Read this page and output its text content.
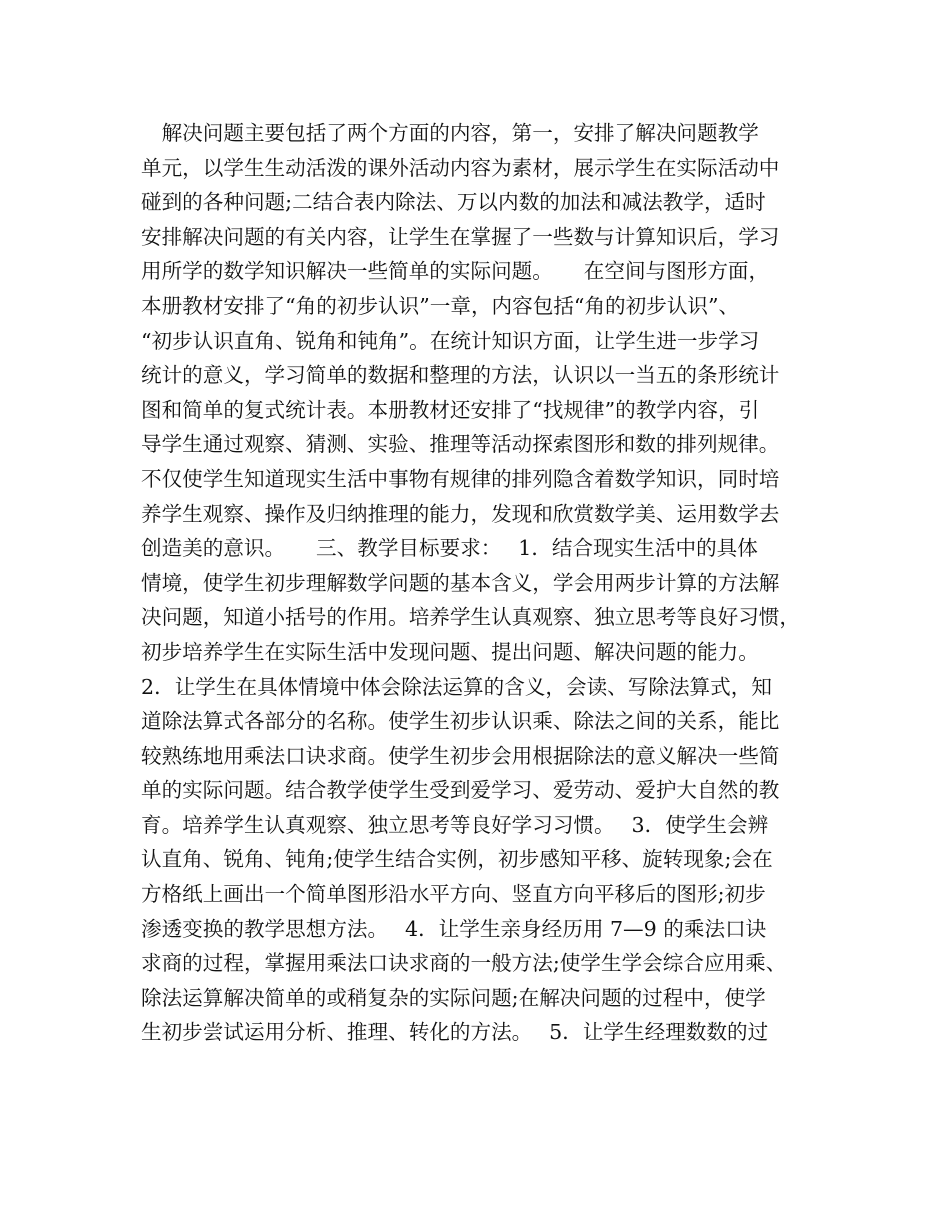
　解决问题主要包括了两个方面的内容，第一，安排了解决问题教学
单元，以学生生动活泼的课外活动内容为素材，展示学生在实际活动中
碰到的各种问题;二结合表内除法、万以内数的加法和减法教学，适时
安排解决问题的有关内容，让学生在掌握了一些数与计算知识后，学习
用所学的数学知识解决一些简单的实际问题。　　在空间与图形方面，
本册教材安排了“角的初步认识”一章，内容包括“角的初步认识”、
“初步认识直角、锐角和钝角”。在统计知识方面，让学生进一步学习
统计的意义，学习简单的数据和整理的方法，认识以一当五的条形统计
图和简单的复式统计表。本册教材还安排了“找规律”的教学内容，引
导学生通过观察、猜测、实验、推理等活动探索图形和数的排列规律。
不仅使学生知道现实生活中事物有规律的排列隐含着数学知识，同时培
养学生观察、操作及归纳推理的能力，发现和欣赏数学美、运用数学去
创造美的意识。　　三、教学目标要求：　 1．结合现实生活中的具体
情境，使学生初步理解数学问题的基本含义，学会用两步计算的方法解
决问题，知道小括号的作用。培养学生认真观察、独立思考等良好习惯，
初步培养学生在实际生活中发现问题、提出问题、解决问题的能力。
2．让学生在具体情境中体会除法运算的含义，会读、写除法算式，知
道除法算式各部分的名称。使学生初步认识乘、除法之间的关系，能比
较熟练地用乘法口诀求商。使学生初步会用根据除法的意义解决一些简
单的实际问题。结合教学使学生受到爱学习、爱劳动、爱护大自然的教
育。培养学生认真观察、独立思考等良好学习习惯。　 3．使学生会辨
认直角、锐角、钝角;使学生结合实例，初步感知平移、旋转现象;会在
方格纸上画出一个简单图形沿水平方向、竖直方向平移后的图形;初步
渗透变换的教学思想方法。　 4．让学生亲身经历用 7—9 的乘法口诀
求商的过程，掌握用乘法口诀求商的一般方法;使学生学会综合应用乘、
除法运算解决简单的或稍复杂的实际问题;在解决问题的过程中，使学
生初步尝试运用分析、推理、转化的方法。　 5．让学生经理数数的过
